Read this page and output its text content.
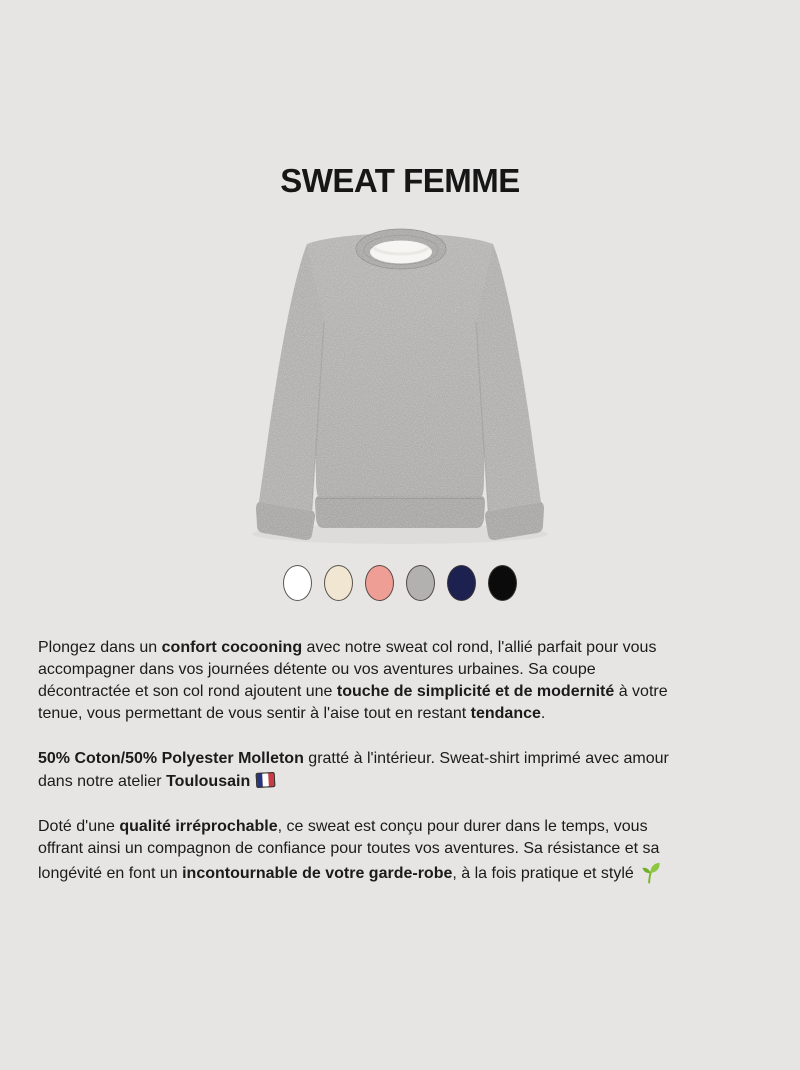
SWEAT FEMME

Plongez dans un confort cocooning avec notre sweat col rond, l'allié parfait pour vous
accompagner dans vos journées détente ou vos aventures urbaines. Sa coupe
décontractée et son col rond ajoutent une touche de simplicité et de modernité à votre
tenue, vous permettant de vous sentir à l'aise tout en restant tendance.

50% Coton/50% Polyester Molleton gratté à l'intérieur. Sweat-shirt imprimé avec amour
dans notre atelier Toulousain

Doté d'une qualité irréprochable, ce sweat est conçu pour durer dans le temps, vous
offrant ainsi un compagnon de confiance pour toutes vos aventures. Sa résistance et sa
longévité en font un incontournable de votre garde-robe, à la fois pratique et stylé
